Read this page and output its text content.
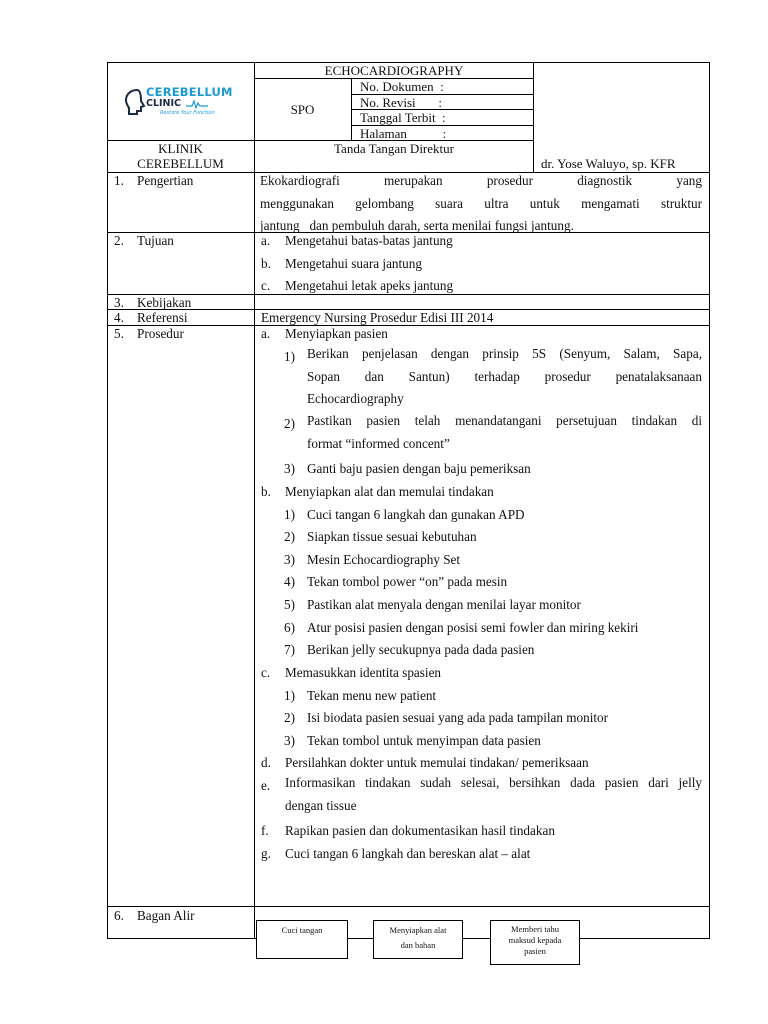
CEREBELLUM
CLINIC
Restore Your Function
ECHOCARDIOGRAPHY
SPO
No. Dokumen  :
No. Revisi       :
Tanggal Terbit  :
Halaman           :
KLINIK
CEREBELLUM
Tanda Tangan Direktur
dr. Yose Waluyo, sp. KFR
1. Pengertian
2. Tujuan
3. Kebijakan
4. Referensi
5. Prosedur
6. Bagan Alir
Ekokardiografi merupakan prosedur diagnostik yang
menggunakan gelombang suara ultra untuk mengamati struktur
jantung   dan pembuluh darah, serta menilai fungsi jantung.
a. Mengetahui batas-batas jantung
b. Mengetahui suara jantung
c. Mengetahui letak apeks jantung
Emergency Nursing Prosedur Edisi III 2014
a. Menyiapkan pasien
1) Berikan penjelasan dengan prinsip 5S (Senyum, Salam, Sapa,
Sopan dan Santun) terhadap prosedur penatalaksanaan
Echocardiography
2) Pastikan pasien telah menandatangani persetujuan tindakan di
format “informed concent”
3) Ganti baju pasien dengan baju pemeriksan
b. Menyiapkan alat dan memulai tindakan
1) Cuci tangan 6 langkah dan gunakan APD
2) Siapkan tissue sesuai kebutuhan
3) Mesin Echocardiography Set
4) Tekan tombol power “on” pada mesin
5) Pastikan alat menyala dengan menilai layar monitor
6) Atur posisi pasien dengan posisi semi fowler dan miring kekiri
7) Berikan jelly secukupnya pada dada pasien
c. Memasukkan identita spasien
1) Tekan menu new patient
2) Isi biodata pasien sesuai yang ada pada tampilan monitor
3) Tekan tombol untuk menyimpan data pasien
d. Persilahkan dokter untuk memulai tindakan/ pemeriksaan
e. Informasikan tindakan sudah selesai, bersihkan dada pasien dari jelly
dengan tissue
f. Rapikan pasien dan dokumentasikan hasil tindakan
g. Cuci tangan 6 langkah dan bereskan alat – alat
Cuci tangan	Menyiapkan alat
dan bahan
Memberi tahu
maksud kepada
pasien
